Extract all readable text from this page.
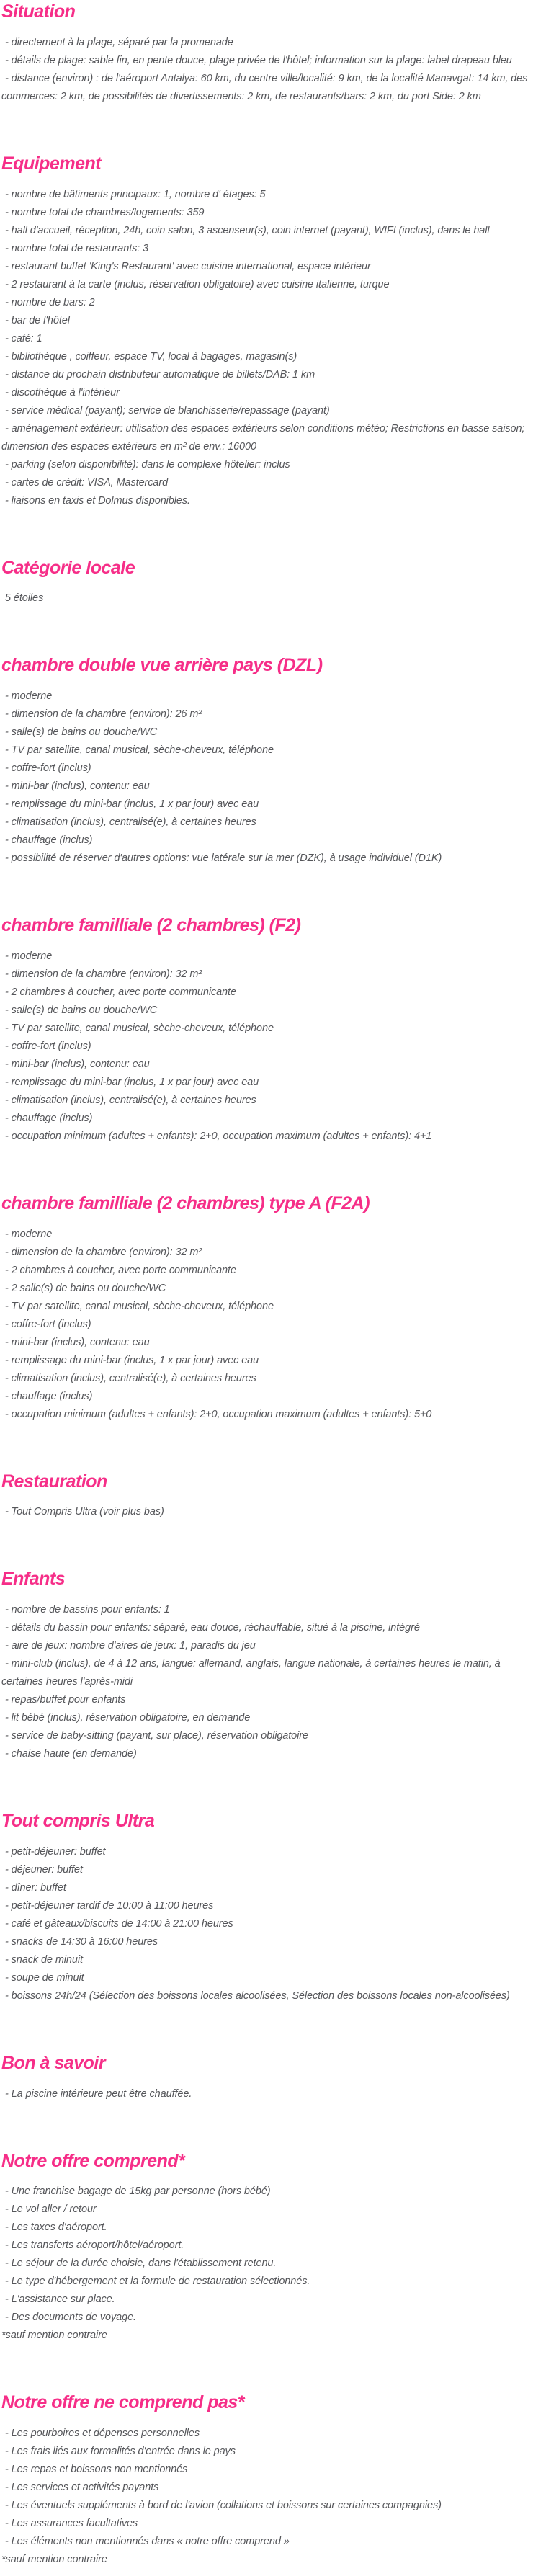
Situation

- directement à la plage, séparé par la promenade

- détails de plage: sable fin, en pente douce, plage privée de l'hôtel; information sur la plage: label drapeau bleu

- distance (environ) : de l'aéroport Antalya: 60 km, du centre ville/localité: 9 km, de la localité Manavgat: 14 km, des commerces: 2 km, de possibilités de divertissements: 2 km, de restaurants/bars: 2 km, du port Side: 2 km

Equipement

- nombre de bâtiments principaux: 1, nombre d' étages: 5

- nombre total de chambres/logements: 359

- hall d'accueil, réception, 24h, coin salon, 3 ascenseur(s), coin internet (payant), WIFI (inclus), dans le hall

- nombre total de restaurants: 3

- restaurant buffet 'King's Restaurant' avec cuisine international, espace intérieur

- 2 restaurant à la carte (inclus, réservation obligatoire) avec cuisine italienne, turque

- nombre de bars: 2

- bar de l'hôtel

- café: 1

- bibliothèque , coiffeur, espace TV, local à bagages, magasin(s)

- distance du prochain distributeur automatique de billets/DAB: 1 km

- discothèque à l'intérieur

- service médical (payant); service de blanchisserie/repassage (payant)

- aménagement extérieur: utilisation des espaces extérieurs selon conditions météo; Restrictions en basse saison; dimension des espaces extérieurs en m² de env.: 16000

- parking (selon disponibilité): dans le complexe hôtelier: inclus

- cartes de crédit: VISA, Mastercard

- liaisons en taxis et Dolmus disponibles.

Catégorie locale

5 étoiles

chambre double vue arrière pays (DZL)

- moderne

- dimension de la chambre (environ): 26 m²

- salle(s) de bains ou douche/WC

- TV par satellite, canal musical, sèche-cheveux, téléphone

- coffre-fort (inclus)

- mini-bar (inclus), contenu: eau

- remplissage du mini-bar (inclus, 1 x par jour) avec eau

- climatisation (inclus), centralisé(e), à certaines heures

- chauffage (inclus)

- possibilité de réserver d'autres options: vue latérale sur la mer (DZK), à usage individuel (D1K)

chambre familliale (2 chambres) (F2)

- moderne

- dimension de la chambre (environ): 32 m²

- 2 chambres à coucher, avec porte communicante

- salle(s) de bains ou douche/WC

- TV par satellite, canal musical, sèche-cheveux, téléphone

- coffre-fort (inclus)

- mini-bar (inclus), contenu: eau

- remplissage du mini-bar (inclus, 1 x par jour) avec eau

- climatisation (inclus), centralisé(e), à certaines heures

- chauffage (inclus)

- occupation minimum (adultes + enfants): 2+0, occupation maximum (adultes + enfants): 4+1

chambre familliale (2 chambres) type A (F2A)

- moderne

- dimension de la chambre (environ): 32 m²

- 2 chambres à coucher, avec porte communicante

- 2 salle(s) de bains ou douche/WC

- TV par satellite, canal musical, sèche-cheveux, téléphone

- coffre-fort (inclus)

- mini-bar (inclus), contenu: eau

- remplissage du mini-bar (inclus, 1 x par jour) avec eau

- climatisation (inclus), centralisé(e), à certaines heures

- chauffage (inclus)

- occupation minimum (adultes + enfants): 2+0, occupation maximum (adultes + enfants): 5+0

Restauration

- Tout Compris Ultra (voir plus bas)

Enfants

- nombre de bassins pour enfants: 1

- détails du bassin pour enfants: séparé, eau douce, réchauffable, situé à la piscine, intégré

- aire de jeux: nombre d'aires de jeux: 1, paradis du jeu

- mini-club (inclus), de 4 à 12 ans, langue: allemand, anglais, langue nationale, à certaines heures le matin, à certaines heures l'après-midi

- repas/buffet pour enfants

- lit bébé (inclus), réservation obligatoire, en demande

- service de baby-sitting (payant, sur place), réservation obligatoire

- chaise haute (en demande)

Tout compris Ultra

- petit-déjeuner: buffet

- déjeuner: buffet

- dîner: buffet

- petit-déjeuner tardif de 10:00 à 11:00 heures

- café et gâteaux/biscuits de 14:00 à 21:00 heures

- snacks de 14:30 à 16:00 heures

- snack de minuit

- soupe de minuit

- boissons 24h/24 (Sélection des boissons locales alcoolisées, Sélection des boissons locales non-alcoolisées)

Bon à savoir

- La piscine intérieure peut être chauffée.

Notre offre comprend*

- Une franchise bagage de 15kg par personne (hors bébé)

- Le vol aller / retour

- Les taxes d'aéroport.

- Les transferts aéroport/hôtel/aéroport.

- Le séjour de la durée choisie, dans l'établissement retenu.

- Le type d'hébergement et la formule de restauration sélectionnés.

- L'assistance sur place.

- Des documents de voyage.

*sauf mention contraire

Notre offre ne comprend pas*

- Les pourboires et dépenses personnelles

- Les frais liés aux formalités d'entrée dans le pays

- Les repas et boissons non mentionnés

- Les services et activités payants

- Les éventuels suppléments à bord de l'avion (collations et boissons sur certaines compagnies)

- Les assurances facultatives

- Les éléments non mentionnés dans « notre offre comprend »

*sauf mention contraire
